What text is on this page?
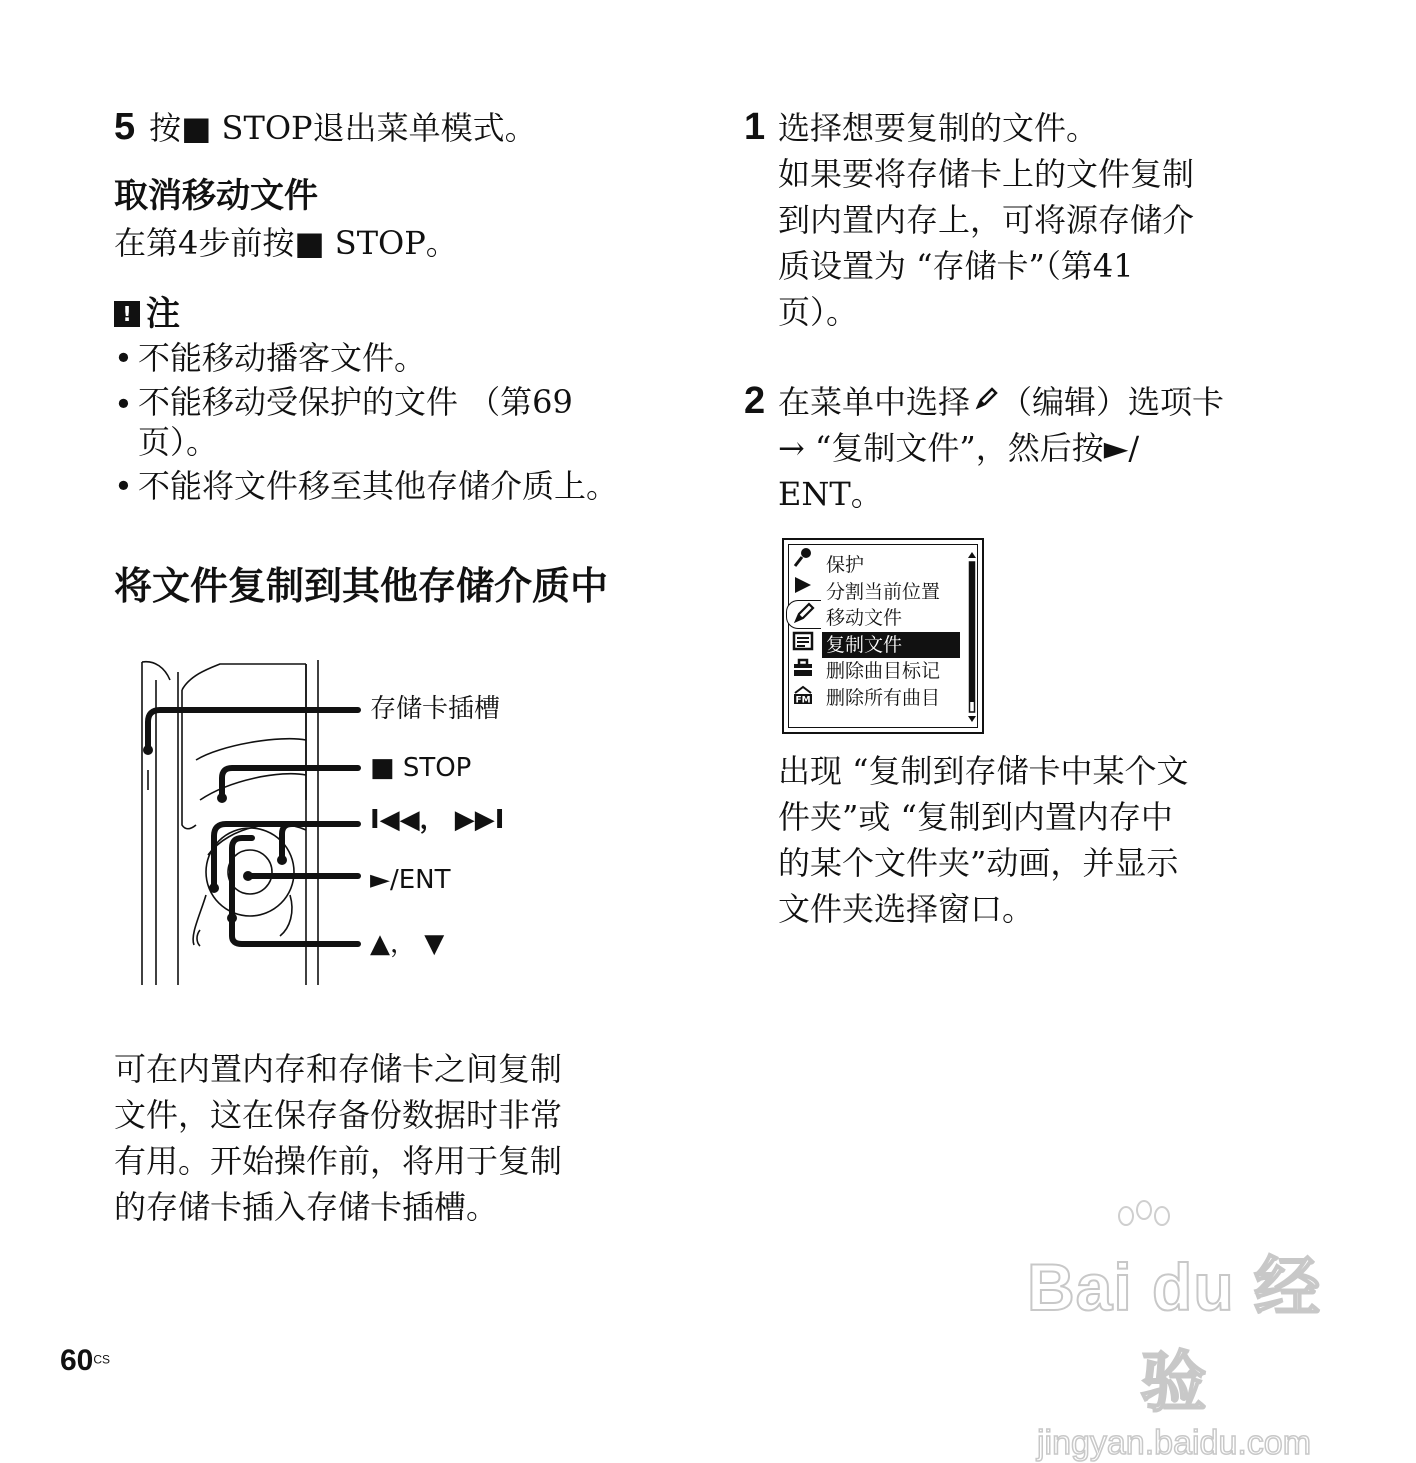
5 按■ STOP退出菜单模式。
取消移动文件
在第4步前按■ STOP。
! 注
• 不能移动播客文件。
• 不能移动受保护的文件 （第69
页）。
• 不能将文件移至其他存储介质上。
将文件复制到其他存储介质中
存储卡插槽
■ STOP
I◀◀， ▶▶I
►/ENT
▲， ▼
可在内置内存和存储卡之间复制
文件，这在保存备份数据时非常
有用。开始操作前，将用于复制
的存储卡插入存储卡插槽。
1 选择想要复制的文件。
如果要将存储卡上的文件复制
到内置内存上，可将源存储介
质设置为 “存储卡”（第41
页）。
2 在菜单中选择 （编辑）选项卡
→ “复制文件”，然后按►/
ENT。
FM
保护
分割当前位置
移动文件
复制文件
删除曲目标记
删除所有曲目
出现 “复制到存储卡中某个文
件夹”或 “复制到内置内存中
的某个文件夹”动画，并显示
文件夹选择窗口。
$60^{CS}$
Bai du 经验
jingyan.baidu.com
